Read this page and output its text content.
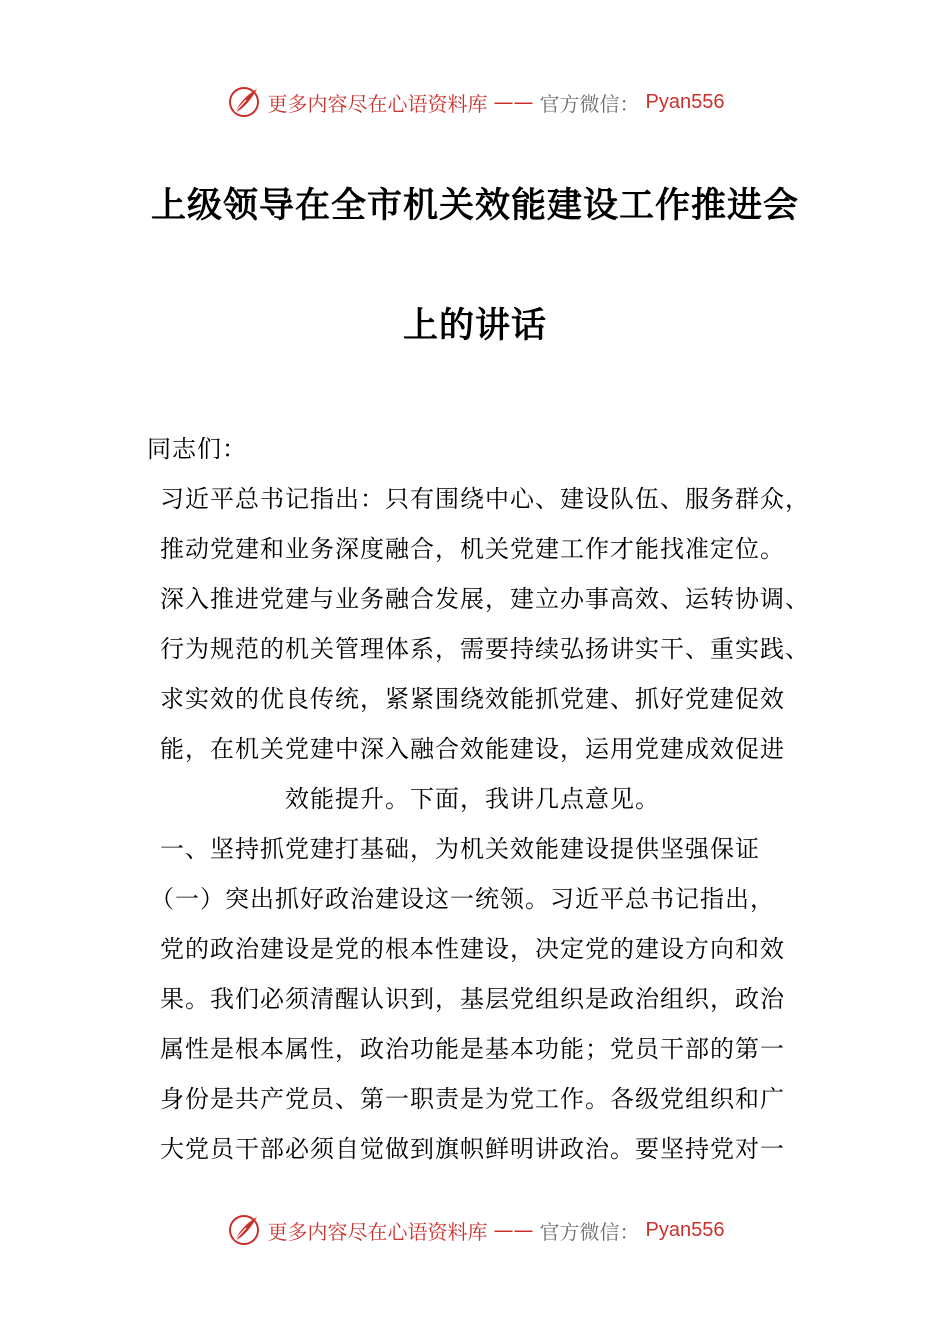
更多内容尽在心语资料库 —— 官方微信： Pyan556
上级领导在全市机关效能建设工作推进会
上的讲话
同志们：
习近平总书记指出：只有围绕中心、建设队伍、服务群众，
推动党建和业务深度融合，机关党建工作才能找准定位。
深入推进党建与业务融合发展，建立办事高效、运转协调、
行为规范的机关管理体系，需要持续弘扬讲实干、重实践、
求实效的优良传统，紧紧围绕效能抓党建、抓好党建促效
能，在机关党建中深入融合效能建设，运用党建成效促进
效能提升。下面，我讲几点意见。
一、坚持抓党建打基础，为机关效能建设提供坚强保证
（一）突出抓好政治建设这一统领。习近平总书记指出，
党的政治建设是党的根本性建设，决定党的建设方向和效
果。我们必须清醒认识到，基层党组织是政治组织，政治
属性是根本属性，政治功能是基本功能；党员干部的第一
身份是共产党员、第一职责是为党工作。各级党组织和广
大党员干部必须自觉做到旗帜鲜明讲政治。要坚持党对一
更多内容尽在心语资料库 —— 官方微信： Pyan556
